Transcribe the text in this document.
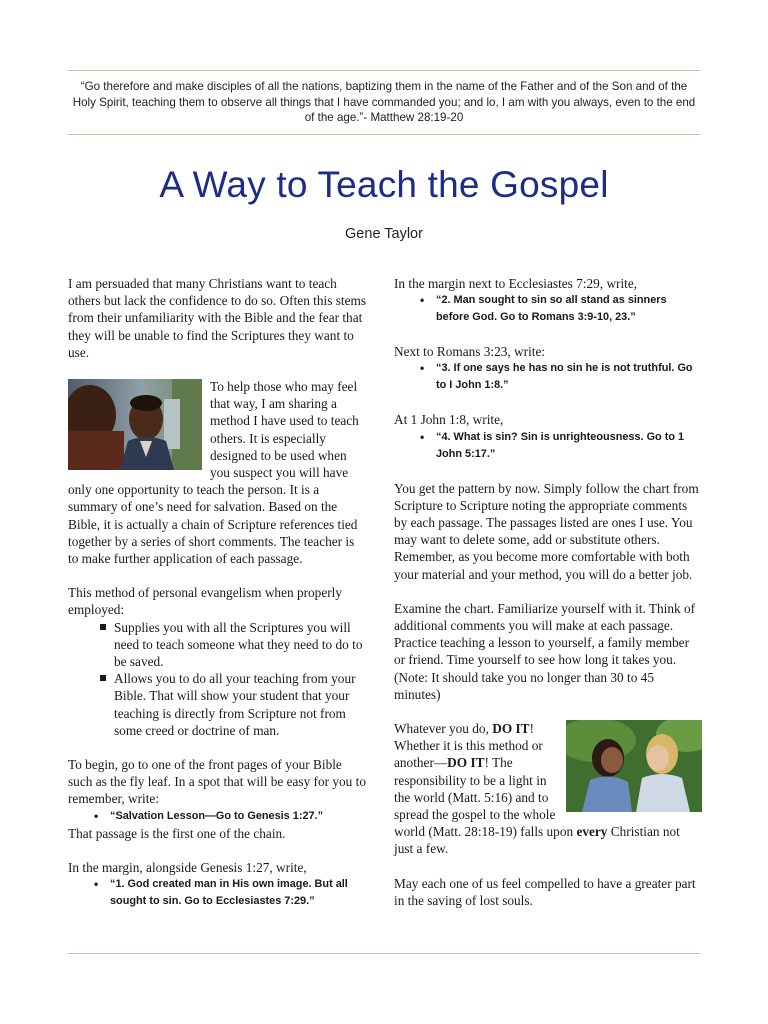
“Go therefore and make disciples of all the nations, baptizing them in the name of the Father and of the Son and of the Holy Spirit, teaching them to observe all things that I have commanded you; and lo, I am with you always, even to the end of the age.”- Matthew 28:19-20
A Way to Teach the Gospel
Gene Taylor

I am persuaded that many Christians want to teach others but lack the confidence to do so. Often this stems from their unfamiliarity with the Bible and the fear that they will be unable to find the Scriptures they want to use.

To help those who may feel that way, I am sharing a method I have used to teach others. It is especially designed to be used when you suspect you will have only one opportunity to teach the person. It is a summary of one’s need for salvation. Based on the Bible, it is actually a chain of Scripture references tied together by a series of short comments. The teacher is to make further application of each passage.

This method of personal evangelism when properly employed:

Supplies you with all the Scriptures you will need to teach someone what they need to do to be saved.
Allows you to do all your teaching from your Bible. That will show your student that your teaching is directly from Scripture not from some creed or doctrine of man.

To begin, go to one of the front pages of your Bible such as the fly leaf. In a spot that will be easy for you to remember, write:

• “Salvation Lesson—Go to Genesis 1:27.”

That passage is the first one of the chain.

In the margin, alongside Genesis 1:27, write,

• “1. God created man in His own image. But all sought to sin. Go to Ecclesiastes 7:29.”

In the margin next to Ecclesiastes 7:29, write,

• “2. Man sought to sin so all stand as sinners before God. Go to Romans 3:9-10, 23.”

Next to Romans 3:23, write:

• “3. If one says he has no sin he is not truthful. Go to I John 1:8.”

At 1 John 1:8, write,

• “4. What is sin? Sin is unrighteousness. Go to 1 John 5:17.”

You get the pattern by now. Simply follow the chart from Scripture to Scripture noting the appropriate comments by each passage. The passages listed are ones I use. You may want to delete some, add or substitute others. Remember, as you become more comfortable with both your material and your method, you will do a better job.

Examine the chart. Familiarize yourself with it. Think of additional comments you will make at each passage. Practice teaching a lesson to yourself, a family member or friend. Time yourself to see how long it takes you. (Note: It should take you no longer than 30 to 45 minutes)

Whatever you do, DO IT! Whether it is this method or another—DO IT! The responsibility to be a light in the world (Matt. 5:16) and to spread the gospel to the whole world (Matt. 28:18-19) falls upon every Christian not just a few.

May each one of us feel compelled to have a greater part in the saving of lost souls.
